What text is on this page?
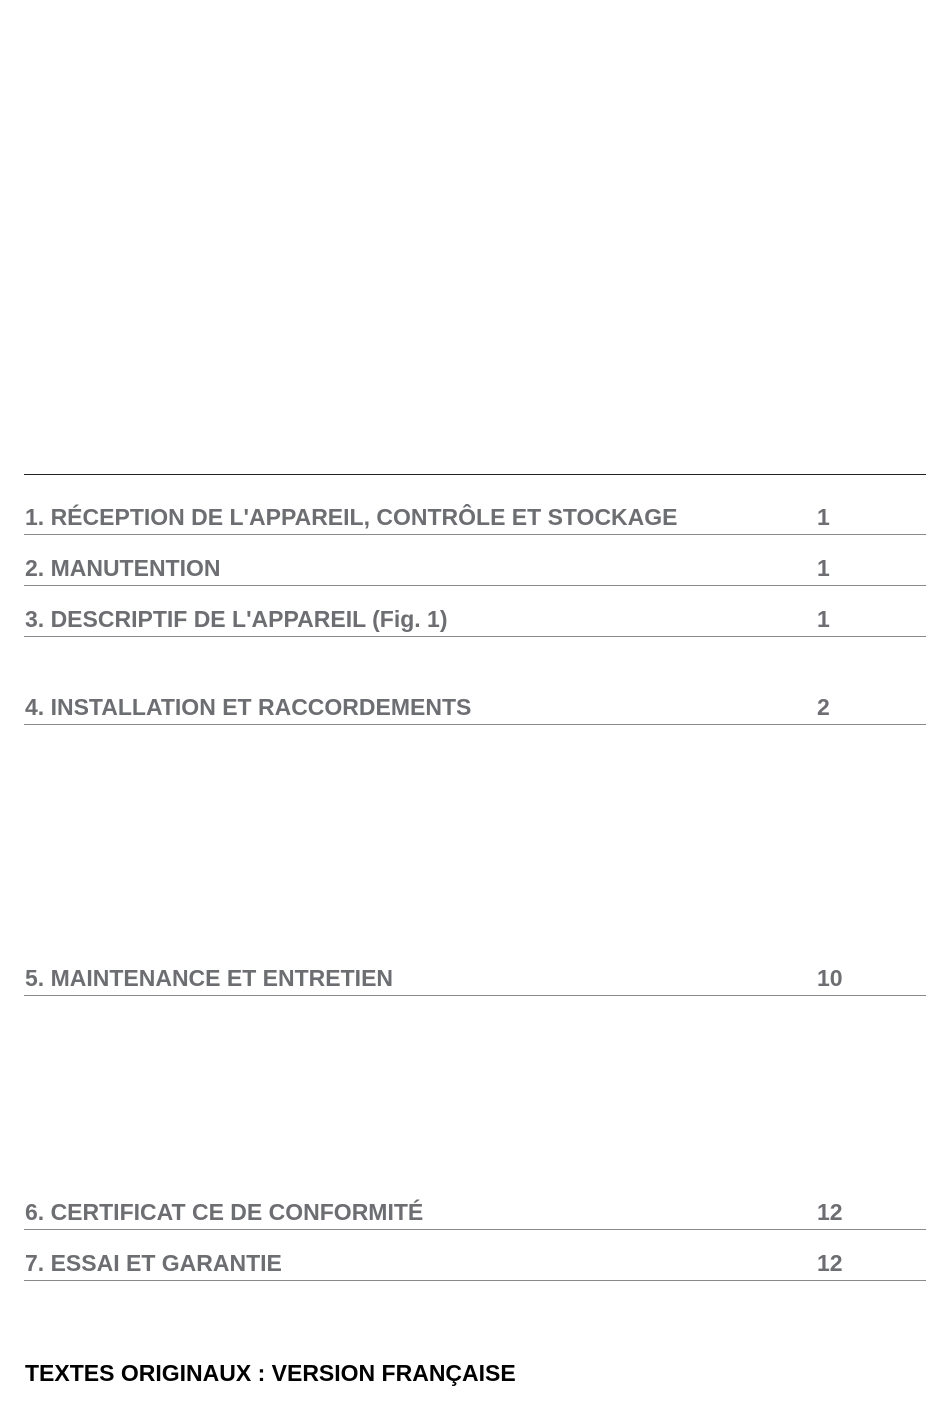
1. RÉCEPTION DE L'APPAREIL, CONTRÔLE ET STOCKAGE	1
2. MANUTENTION	1
3. DESCRIPTIF DE L'APPAREIL (Fig. 1)	1
4. INSTALLATION ET RACCORDEMENTS	2
5. MAINTENANCE ET ENTRETIEN	10
6. CERTIFICAT CE DE CONFORMITÉ	12
7. ESSAI ET GARANTIE	12
TEXTES ORIGINAUX : VERSION FRANÇAISE
